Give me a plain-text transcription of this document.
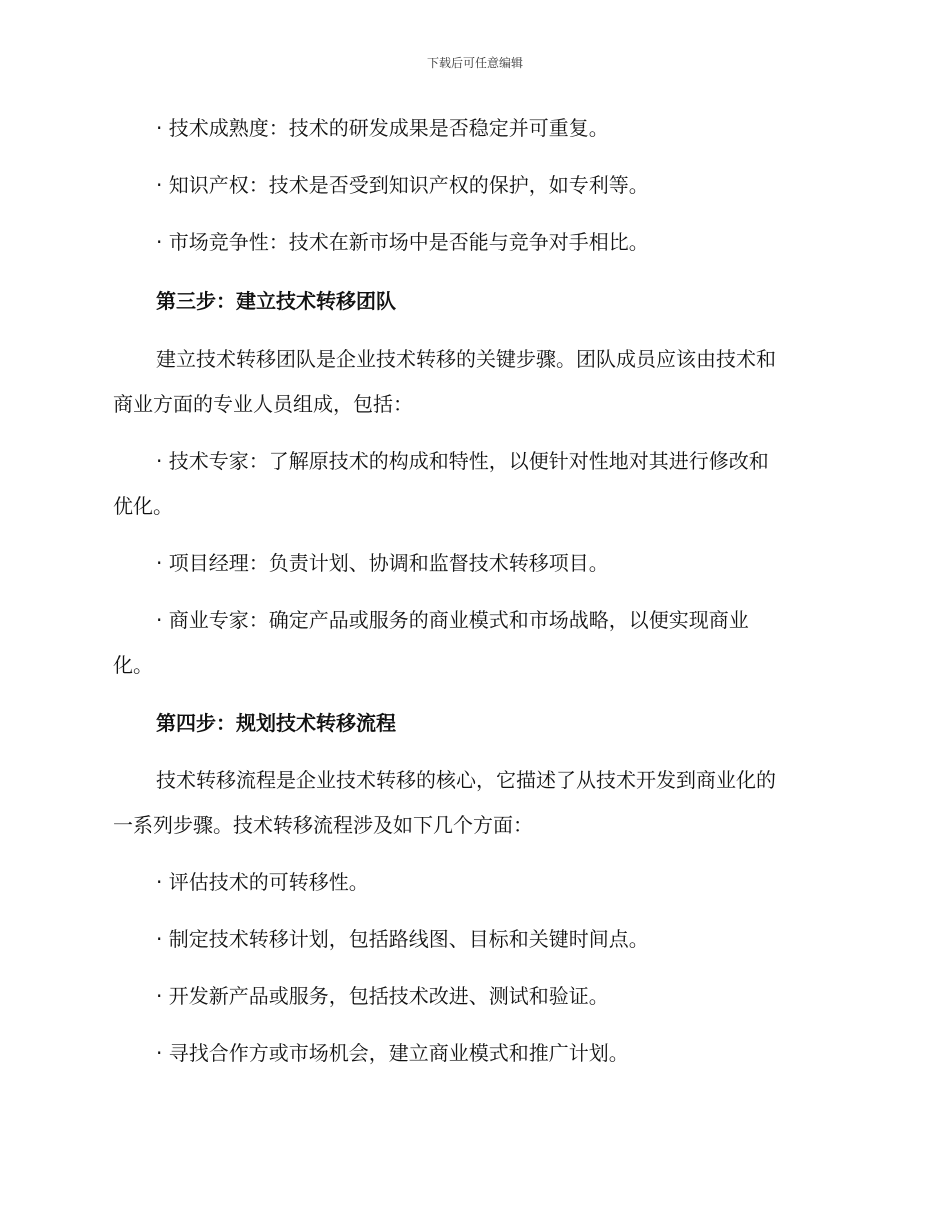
下载后可任意编辑
· 技术成熟度：技术的研发成果是否稳定并可重复。
· 知识产权：技术是否受到知识产权的保护，如专利等。
· 市场竞争性：技术在新市场中是否能与竞争对手相比。
第三步：建立技术转移团队
建立技术转移团队是企业技术转移的关键步骤。团队成员应该由技术和
商业方面的专业人员组成，包括：
· 技术专家：了解原技术的构成和特性，以便针对性地对其进行修改和
优化。
· 项目经理：负责计划、协调和监督技术转移项目。
· 商业专家：确定产品或服务的商业模式和市场战略，以便实现商业
化。
第四步：规划技术转移流程
技术转移流程是企业技术转移的核心，它描述了从技术开发到商业化的
一系列步骤。技术转移流程涉及如下几个方面：
· 评估技术的可转移性。
· 制定技术转移计划，包括路线图、目标和关键时间点。
· 开发新产品或服务，包括技术改进、测试和验证。
· 寻找合作方或市场机会，建立商业模式和推广计划。
